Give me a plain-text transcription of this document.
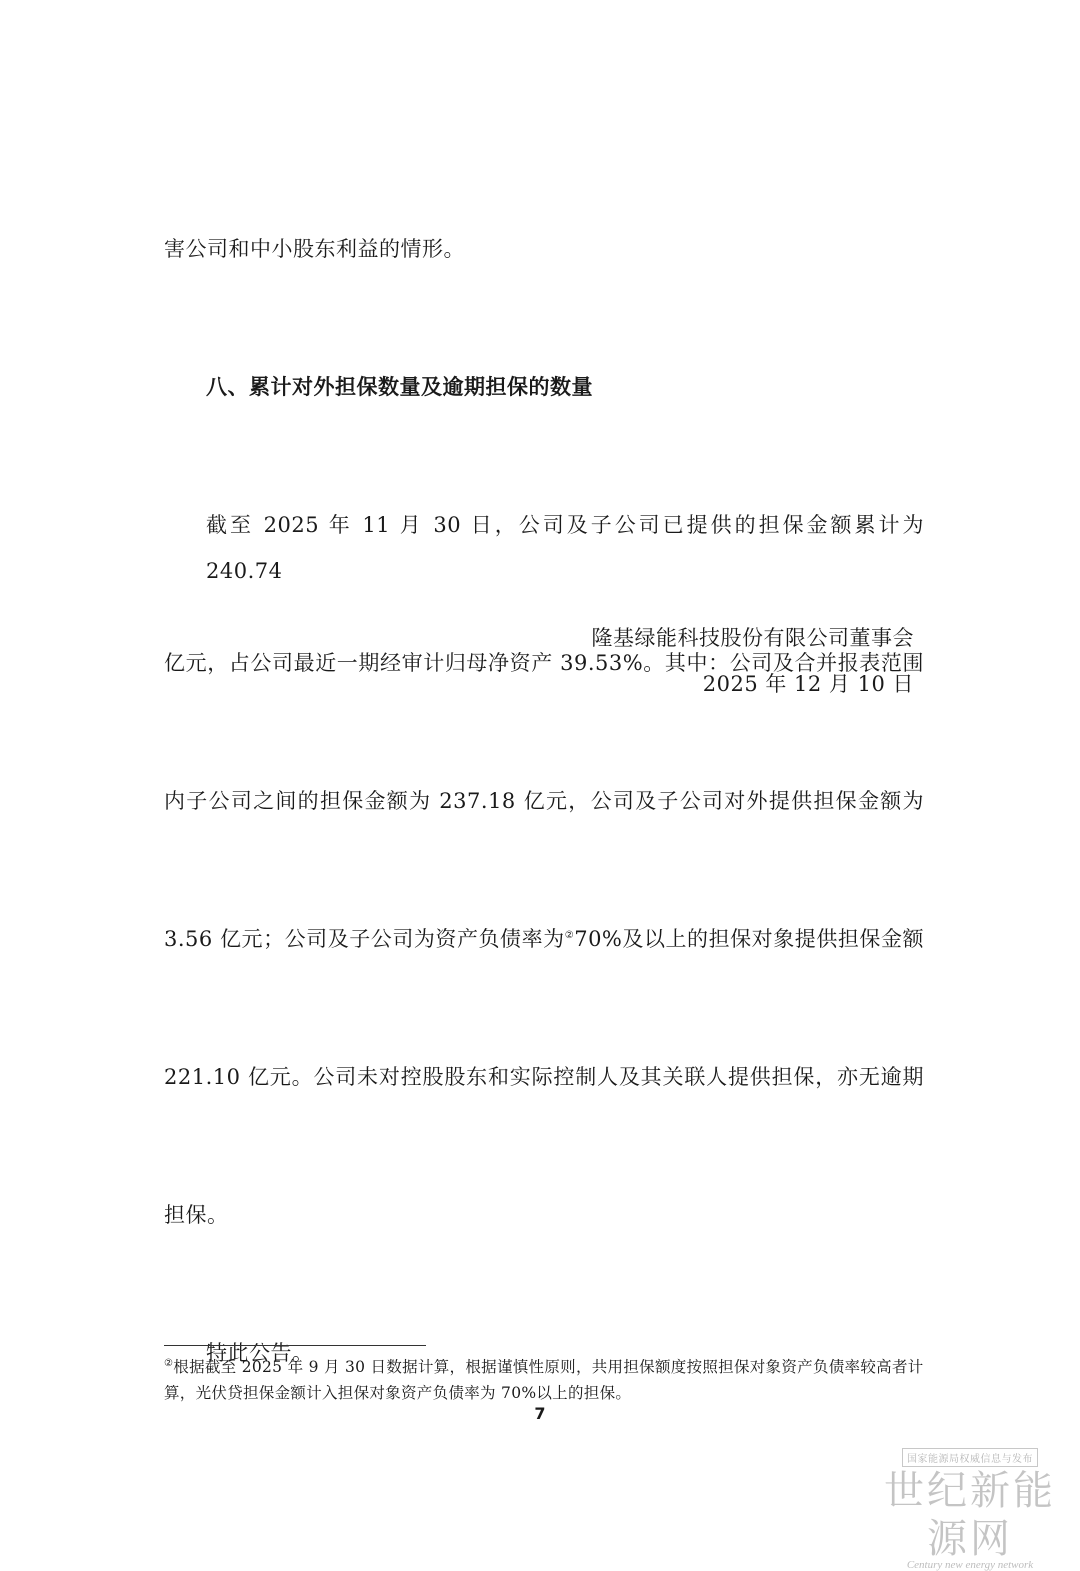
害公司和中小股东利益的情形。

八、累计对外担保数量及逾期担保的数量

截至 2025 年 11 月 30 日，公司及子公司已提供的担保金额累计为 240.74

亿元，占公司最近一期经审计归母净资产 39.53%。其中：公司及合并报表范围

内子公司之间的担保金额为 237.18 亿元，公司及子公司对外提供担保金额为

3.56 亿元；公司及子公司为资产负债率为②70%及以上的担保对象提供担保金额

221.10 亿元。公司未对控股股东和实际控制人及其关联人提供担保，亦无逾期

担保。

特此公告。

隆基绿能科技股份有限公司董事会
2025 年 12 月 10 日
②根据截至 2025 年 9 月 30 日数据计算，根据谨慎性原则，共用担保额度按照担保对象资产负债率较高者计
算，光伏贷担保金额计入担保对象资产负债率为 70%以上的担保。
7
国家能源局权威信息与发布
世纪新能源网
Century new energy network
